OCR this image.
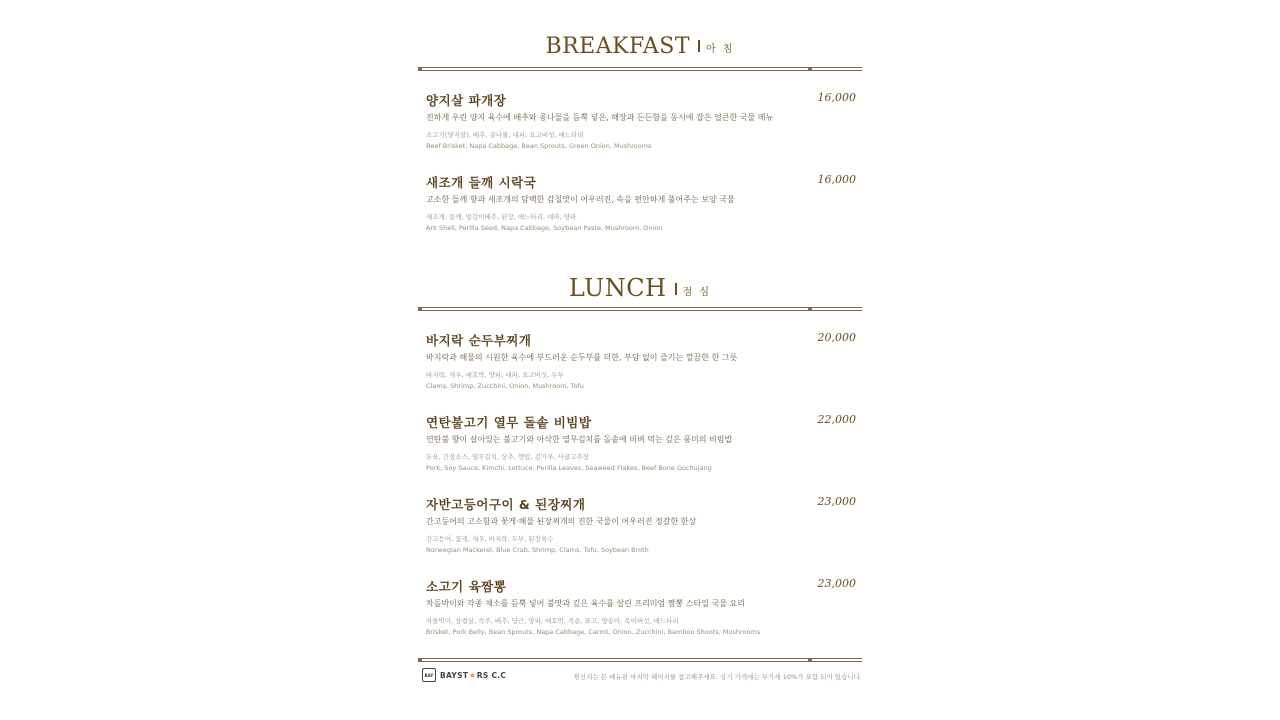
BREAKFAST 아 침
양지살 파개장	16,000
진하게 우린 양지 육수에 배추와 콩나물을 듬뿍 넣은, 해장과 든든함을 동시에 잡은 얼큰한 국물 메뉴
소고기(양지살), 배추, 콩나물, 대파, 표고버섯, 애느타리
Beef Brisket, Napa Cabbage, Bean Sprouts, Green Onion, Mushrooms
새조개 들깨 시락국	16,000
고소한 들깨 향과 새조개의 담백한 감칠맛이 어우러진, 속을 편안하게 풀어주는 보양 국물
새조개, 들깨, 얼갈이배추, 된장, 애느타리, 대파, 양파
Ark Shell, Perilla Seed, Napa Cabbage, Soybean Paste, Mushroom, Onion
LUNCH 점 심
바지락 순두부찌개	20,000
바지락과 해물의 시원한 육수에 부드러운 순두부를 더한, 부담 없이 즐기는 깔끔한 한 그릇
바지락, 새우, 애호박, 양파, 대파, 표고버섯, 두부
Clams, Shrimp, Zucchini, Onion, Mushroom, Tofu
연탄불고기 열무 돌솥 비빔밥	22,000
연탄불 향이 살아있는 불고기와 아삭한 열무김치를 돌솥에 비벼 먹는 깊은 풍미의 비빔밥
돈육, 간장소스, 열무김치, 상추, 깻잎, 김가루, 사골고추장
Pork, Soy Sauce, Kimchi, Lettuce, Perilla Leaves, Seaweed Flakes, Beef Bone Gochujang
자반고등어구이 & 된장찌개	23,000
간고등어의 고소함과 꽃게·해물 된장찌개의 진한 국물이 어우러진 정갈한 한상
간고등어, 꽃게, 새우, 바지락, 두부, 된장육수
Norwegian Mackerel, Blue Crab, Shrimp, Clams, Tofu, Soybean Broth
소고기 육짬뽕	23,000
차돌박이와 각종 채소를 듬뿍 넣어 불맛과 깊은 육수를 살린 프리미엄 짬뽕 스타일 국물 요리
차돌박이, 삼겹살, 숙주, 배추, 당근, 양파, 애호박, 죽순, 표고, 양송이, 목이버섯, 애느타리
Brisket, Pork Belly, Bean Sprouts, Napa Cabbage, Carrot, Onion, Zucchini, Bamboo Shoots, Mushrooms
BAY BAYST★RS C.C	원산지는 본 메뉴판 마지막 페이지를 참고해주세요. 상기 가격에는 부가세 10%가 포함 되어 있습니다.
